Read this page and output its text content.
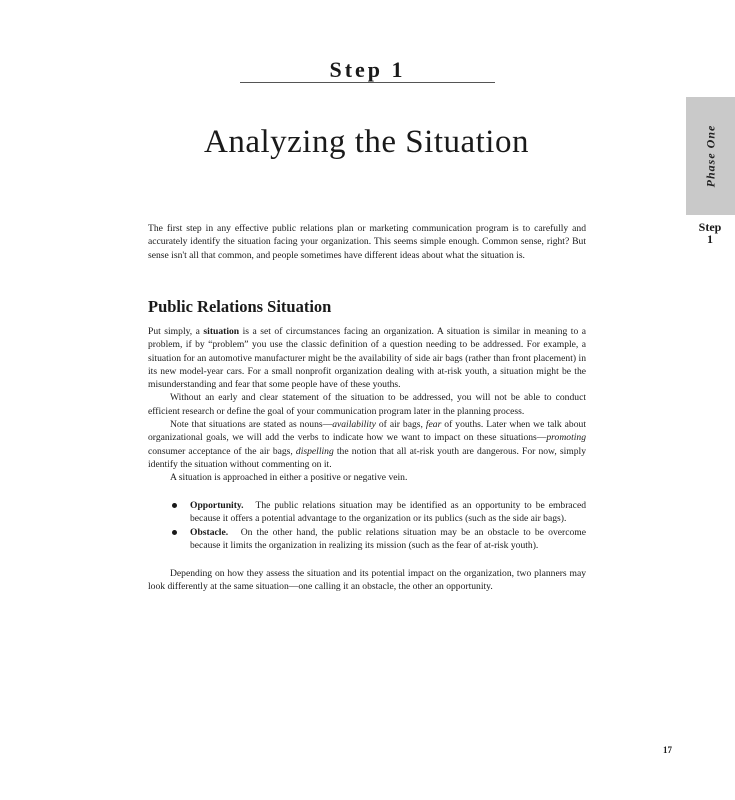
Step 1
Analyzing the Situation	Phase One
Step
1

The first step in any effective public relations plan or marketing communication program is to carefully and accurately identify the situation facing your organization. This seems simple enough. Common sense, right? But sense isn't all that common, and people sometimes have different ideas about what the situation is.

Public Relations Situation

Put simply, a situation is a set of circumstances facing an organization. A situation is similar in meaning to a problem, if by “problem” you use the classic definition of a question needing to be addressed. For example, a situation for an automotive manufacturer might be the availability of side air bags (rather than front placement) in its new model-year cars. For a small nonprofit organization dealing with at-risk youth, a situation might be the misunderstanding and fear that some people have of these youths.

Without an early and clear statement of the situation to be addressed, you will not be able to conduct efficient research or define the goal of your communication program later in the planning process.

Note that situations are stated as nouns—availability of air bags, fear of youths. Later when we talk about organizational goals, we will add the verbs to indicate how we want to impact on these situations—promoting consumer acceptance of the air bags, dispelling the notion that all at-risk youth are dangerous. For now, simply identify the situation without commenting on it.

A situation is approached in either a positive or negative vein.

Opportunity. The public relations situation may be identified as an opportunity to be embraced because it offers a potential advantage to the organization or its publics (such as the side air bags).
Obstacle. On the other hand, the public relations situation may be an obstacle to be overcome because it limits the organization in realizing its mission (such as the fear of at-risk youth).

Depending on how they assess the situation and its potential impact on the organization, two planners may look differently at the same situation—one calling it an obstacle, the other an opportunity.

17
